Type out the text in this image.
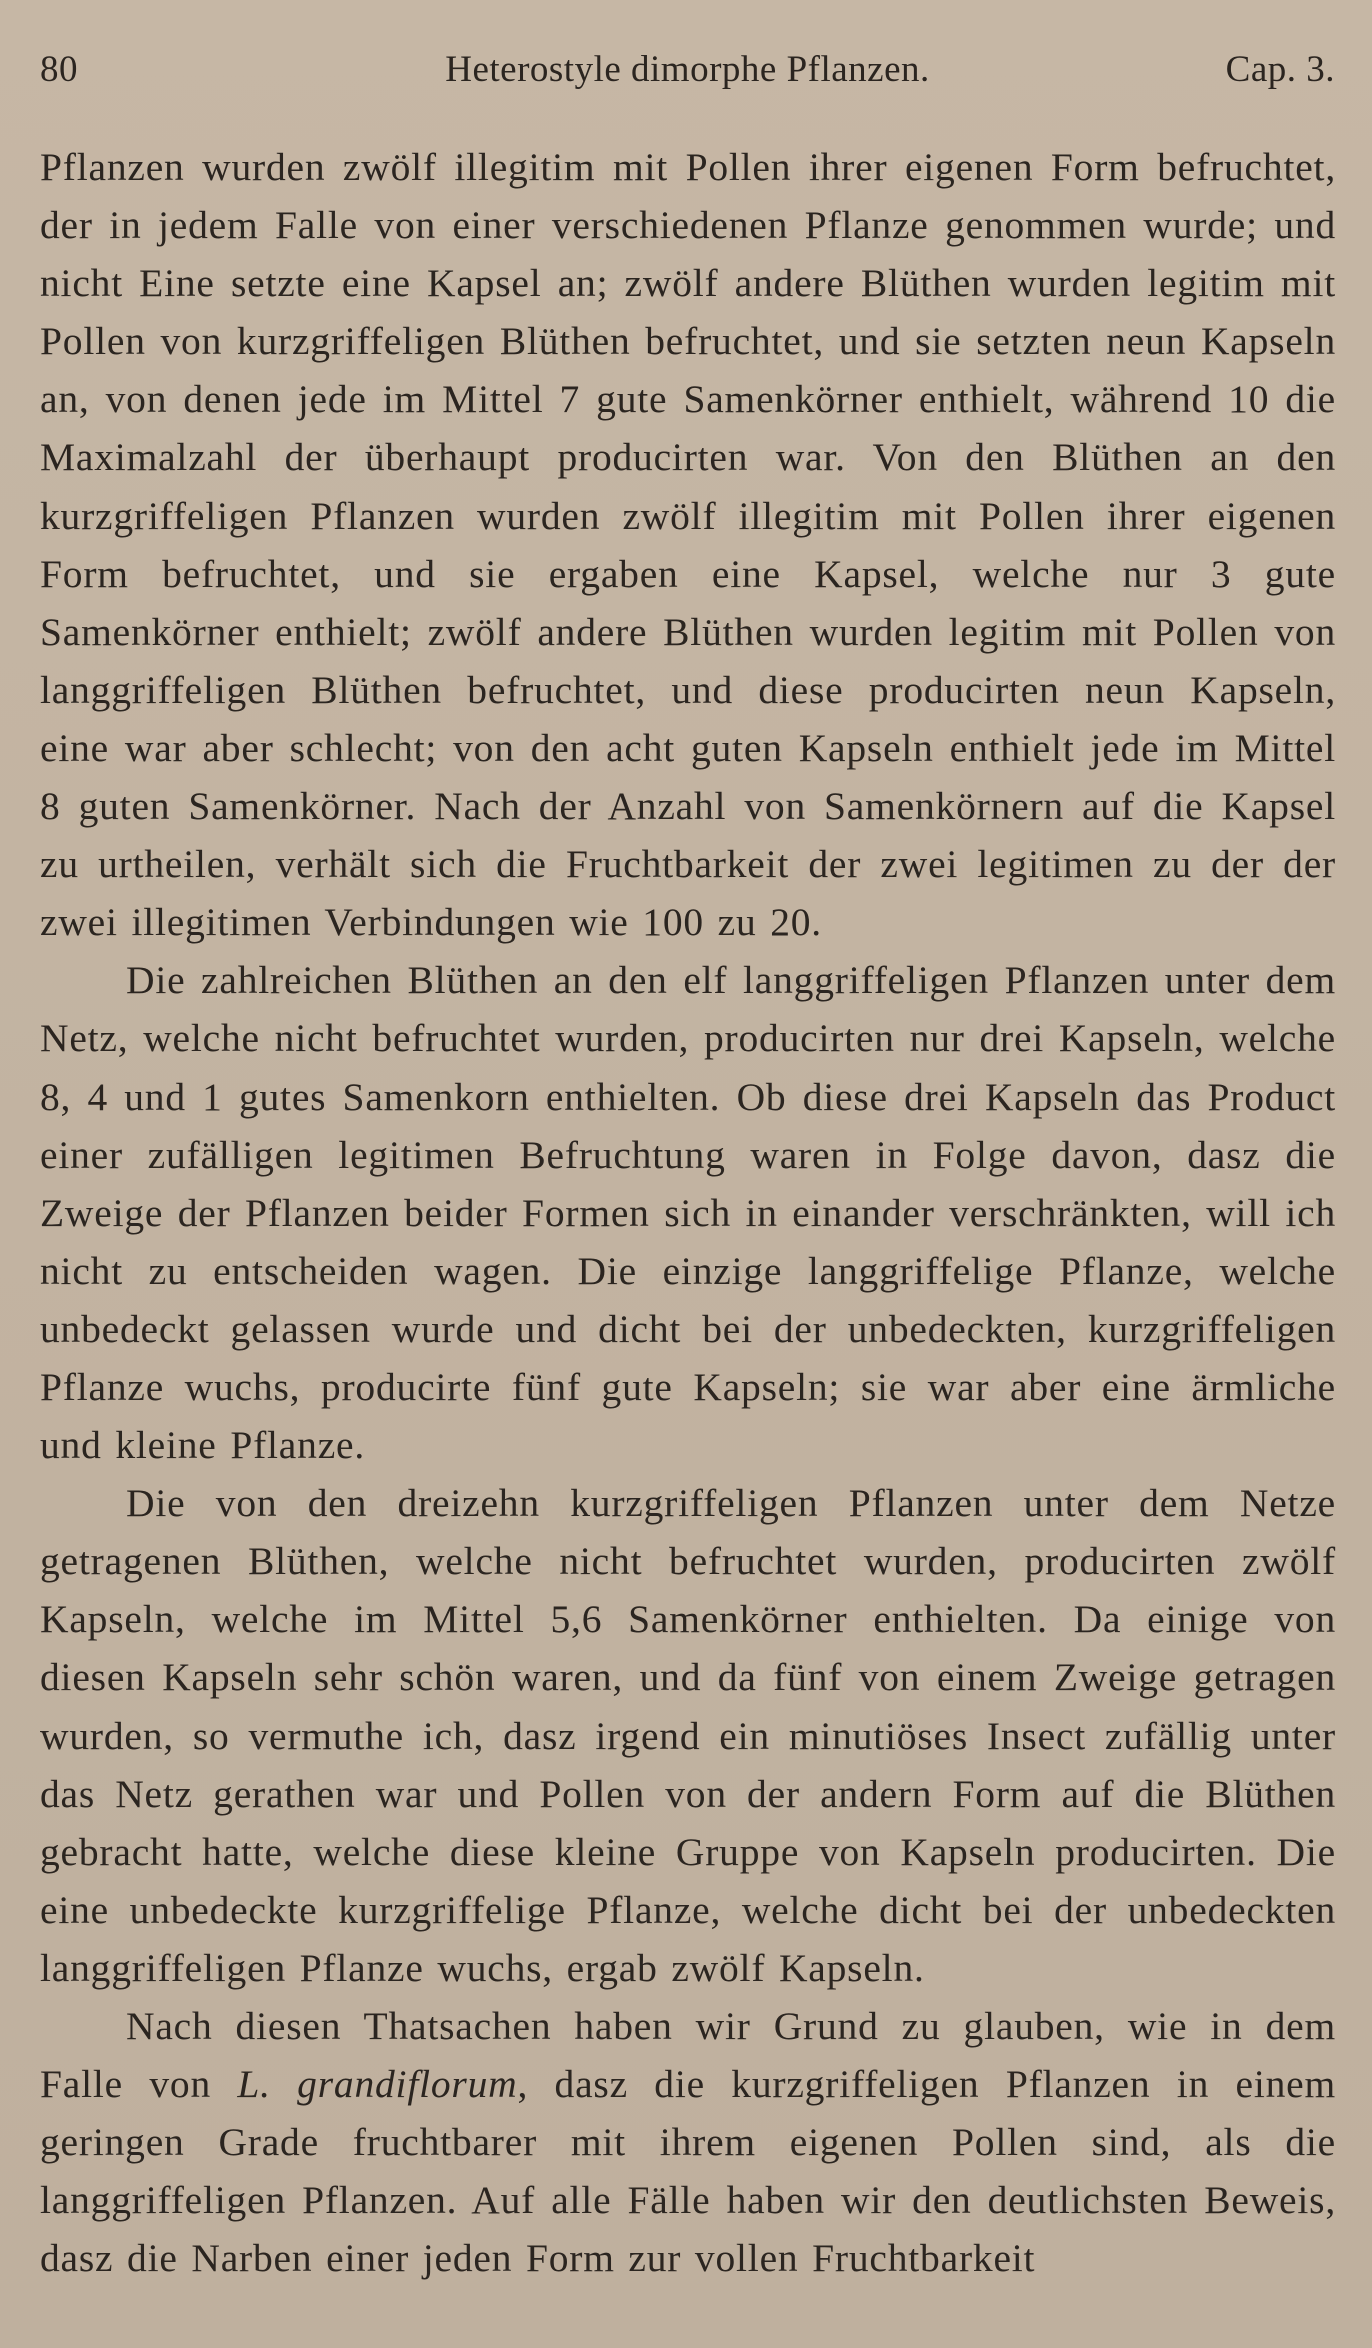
80	Heterostyle dimorphe Pflanzen.	Cap. 3.

Pflanzen wurden zwölf illegitim mit Pollen ihrer eigenen Form befruchtet, der in jedem Falle von einer verschiedenen Pflanze genommen wurde; und nicht Eine setzte eine Kapsel an; zwölf andere Blüthen wurden legitim mit Pollen von kurzgriffeligen Blüthen befruchtet, und sie setzten neun Kapseln an, von denen jede im Mittel 7 gute Samenkörner enthielt, während 10 die Maximalzahl der überhaupt producirten war. Von den Blüthen an den kurzgriffeligen Pflanzen wurden zwölf illegitim mit Pollen ihrer eigenen Form befruchtet, und sie ergaben eine Kapsel, welche nur 3 gute Samenkörner enthielt; zwölf andere Blüthen wurden legitim mit Pollen von langgriffeligen Blüthen befruchtet, und diese producirten neun Kapseln, eine war aber schlecht; von den acht guten Kapseln enthielt jede im Mittel 8 guten Samenkörner. Nach der Anzahl von Samenkörnern auf die Kapsel zu urtheilen, verhält sich die Fruchtbarkeit der zwei legitimen zu der der zwei illegitimen Verbindungen wie 100 zu 20.

Die zahlreichen Blüthen an den elf langgriffeligen Pflanzen unter dem Netz, welche nicht befruchtet wurden, producirten nur drei Kapseln, welche 8, 4 und 1 gutes Samenkorn enthielten. Ob diese drei Kapseln das Product einer zufälligen legitimen Befruchtung waren in Folge davon, dasz die Zweige der Pflanzen beider Formen sich in einander verschränkten, will ich nicht zu entscheiden wagen. Die einzige langgriffelige Pflanze, welche unbedeckt gelassen wurde und dicht bei der unbedeckten, kurzgriffeligen Pflanze wuchs, producirte fünf gute Kapseln; sie war aber eine ärmliche und kleine Pflanze.

Die von den dreizehn kurzgriffeligen Pflanzen unter dem Netze getragenen Blüthen, welche nicht befruchtet wurden, producirten zwölf Kapseln, welche im Mittel 5,6 Samenkörner enthielten. Da einige von diesen Kapseln sehr schön waren, und da fünf von einem Zweige getragen wurden, so vermuthe ich, dasz irgend ein minutiöses Insect zufällig unter das Netz gerathen war und Pollen von der andern Form auf die Blüthen gebracht hatte, welche diese kleine Gruppe von Kapseln producirten. Die eine unbedeckte kurzgriffelige Pflanze, welche dicht bei der unbedeckten langgriffeligen Pflanze wuchs, ergab zwölf Kapseln.

Nach diesen Thatsachen haben wir Grund zu glauben, wie in dem Falle von L. grandiflorum, dasz die kurzgriffeligen Pflanzen in einem geringen Grade fruchtbarer mit ihrem eigenen Pollen sind, als die langgriffeligen Pflanzen. Auf alle Fälle haben wir den deutlichsten Beweis, dasz die Narben einer jeden Form zur vollen Fruchtbarkeit
